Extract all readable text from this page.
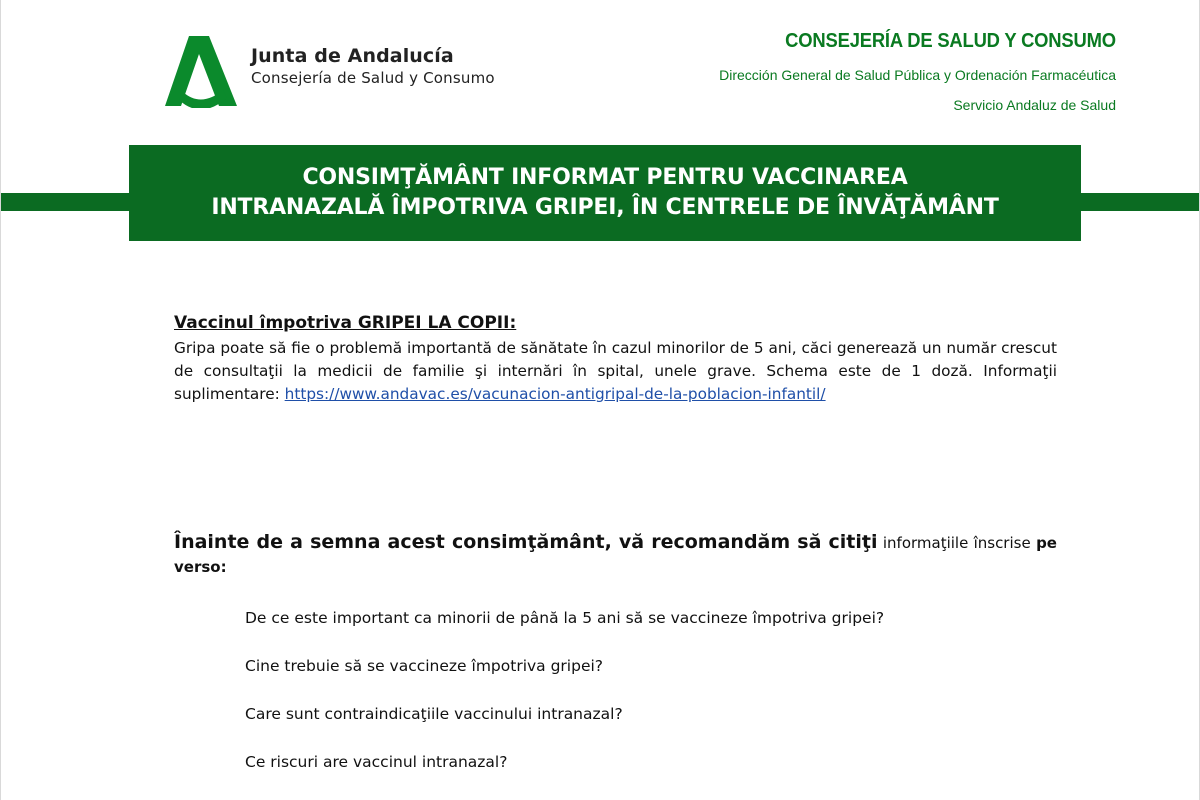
Junta de Andalucía
Consejería de Salud y Consumo
CONSEJERÍA DE SALUD Y CONSUMO
Dirección General de Salud Pública y Ordenación Farmacéutica
Servicio Andaluz de Salud
CONSIMŢĂMÂNT INFORMAT PENTRU VACCINAREA
INTRANAZALĂ ÎMPOTRIVA GRIPEI, ÎN CENTRELE DE ÎNVĂŢĂMÂNT
Vaccinul împotriva GRIPEI LA COPII:
Gripa poate să fie o problemă importantă de sănătate în cazul minorilor de 5 ani, căci generează un număr crescut de consultaţii la medicii de familie şi internări în spital, unele grave. Schema este de 1 doză. Informaţii suplimentare: https://www.andavac.es/vacunacion-antigripal-de-la-poblacion-infantil/
Înainte de a semna acest consimţământ, vă recomandăm să citiţi informaţiile înscrise pe
verso:
De ce este important ca minorii de până la 5 ani să se vaccineze împotriva gripei?
Cine trebuie să se vaccineze împotriva gripei?
Care sunt contraindicaţiile vaccinului intranazal?
Ce riscuri are vaccinul intranazal?
